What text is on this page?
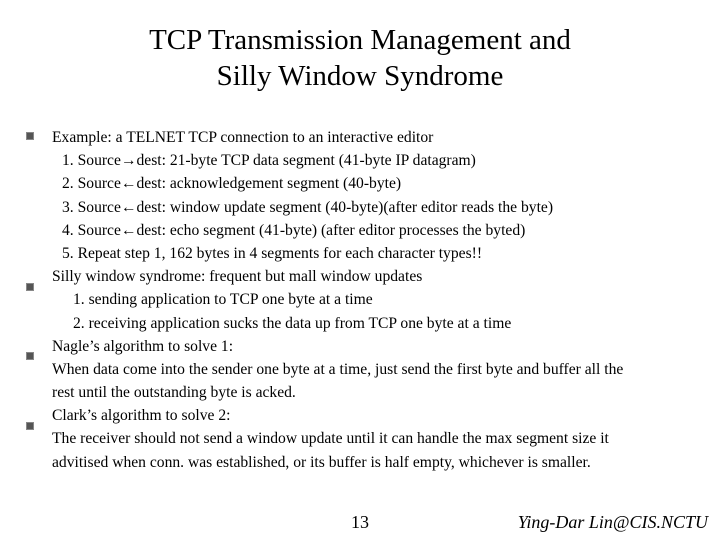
TCP Transmission Management and
Silly Window Syndrome
Example: a TELNET TCP connection to an interactive editor
1. Source→dest: 21-byte TCP data segment (41-byte IP datagram)
2. Source←dest: acknowledgement segment (40-byte)
3. Source←dest: window update segment (40-byte)(after editor reads the byte)
4. Source←dest: echo segment (41-byte) (after editor processes the byted)
5. Repeat step 1, 162 bytes in 4 segments for each character types!!
Silly window syndrome: frequent but mall window updates
1. sending application to TCP one byte at a time
2. receiving application sucks the data up from TCP one byte at a time
Nagle’s algorithm to solve 1:
When data come into the sender one byte at a time, just send the first byte and buffer all the
rest until the outstanding byte is acked.
Clark’s algorithm to solve 2:
The receiver should not send a window update until it can handle the max segment size it
advitised when conn. was established, or its buffer is half empty, whichever is smaller.
13	Ying-Dar Lin@CIS.NCTU
